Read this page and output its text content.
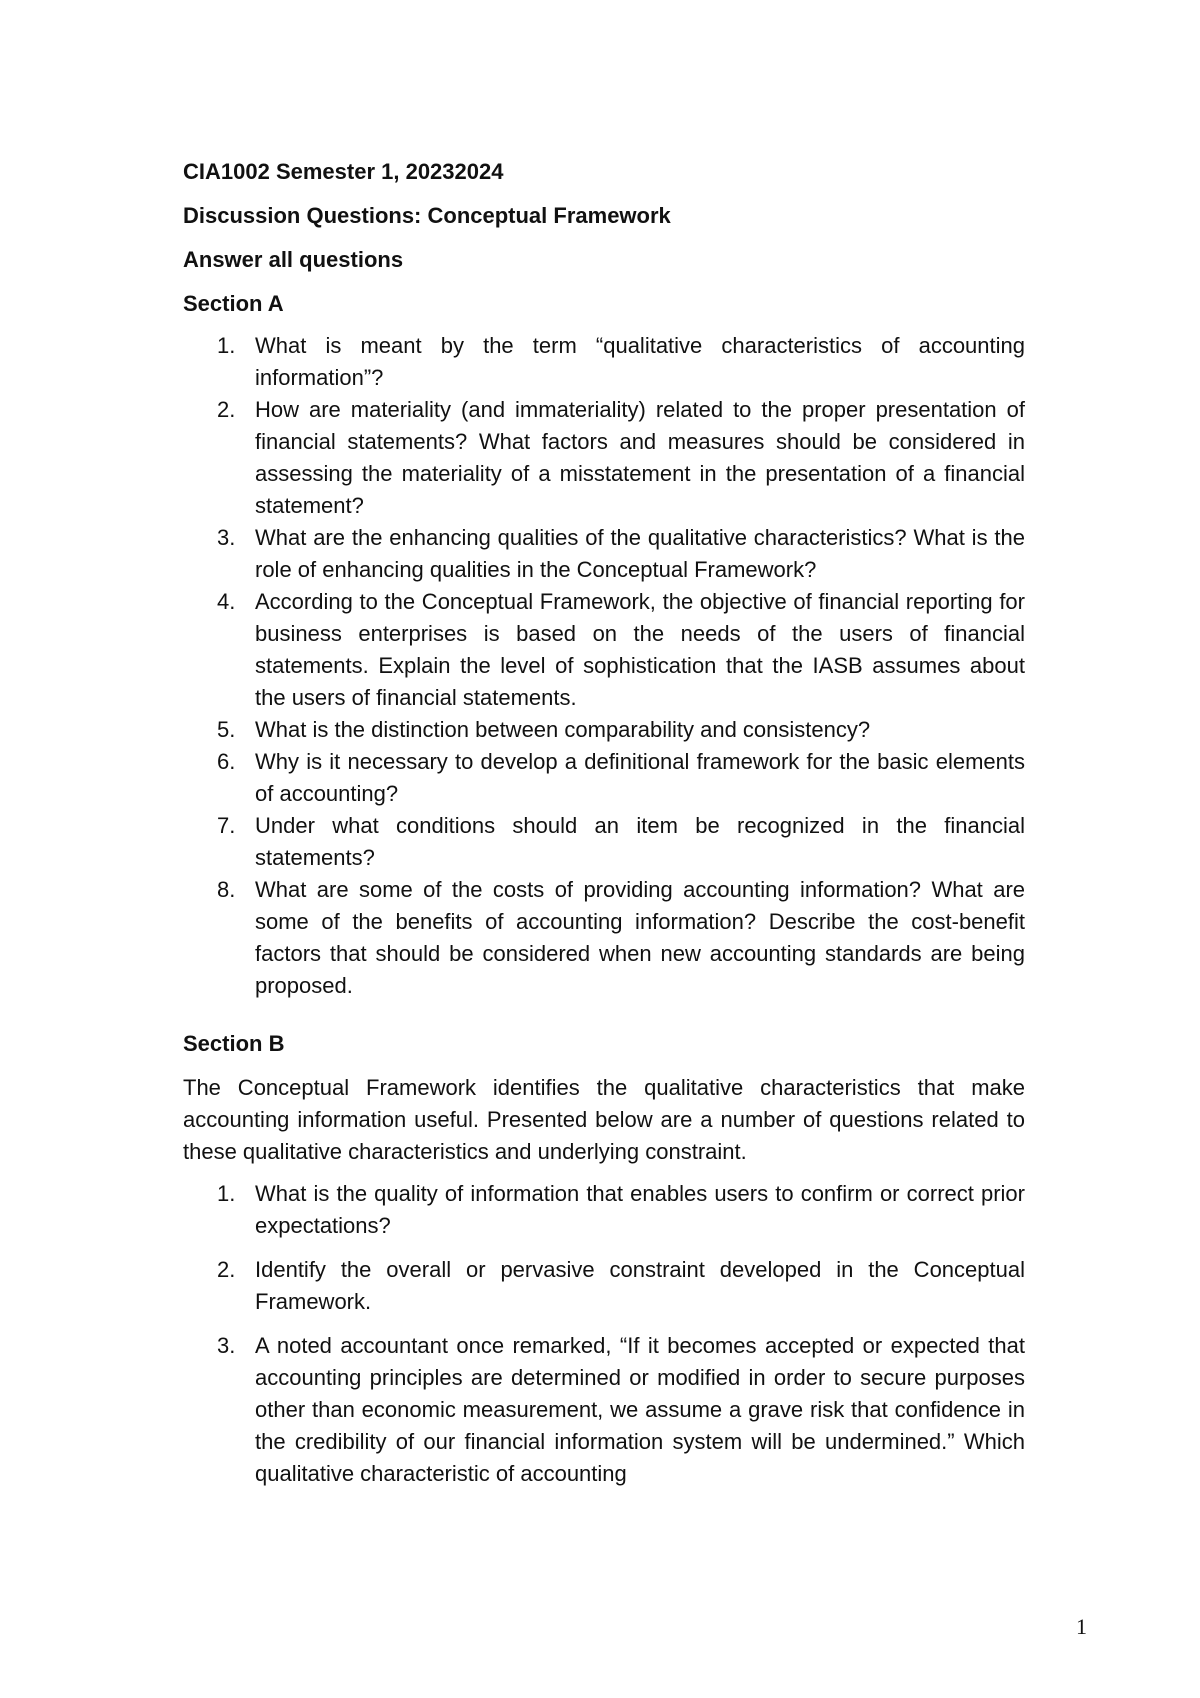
CIA1002 Semester 1, 20232024

Discussion Questions: Conceptual Framework

Answer all questions

Section A

1. What is meant by the term “qualitative characteristics of accounting information”?
2. How are materiality (and immateriality) related to the proper presentation of financial statements? What factors and measures should be considered in assessing the materiality of a misstatement in the presentation of a financial statement?
3. What are the enhancing qualities of the qualitative characteristics? What is the role of enhancing qualities in the Conceptual Framework?
4. According to the Conceptual Framework, the objective of financial reporting for business enterprises is based on the needs of the users of financial statements. Explain the level of sophistication that the IASB assumes about the users of financial statements.
5. What is the distinction between comparability and consistency?
6. Why is it necessary to develop a definitional framework for the basic elements of accounting?
7. Under what conditions should an item be recognized in the financial statements?
8. What are some of the costs of providing accounting information? What are some of the benefits of accounting information? Describe the cost-benefit factors that should be considered when new accounting standards are being proposed.

Section B

The Conceptual Framework identifies the qualitative characteristics that make accounting information useful. Presented below are a number of questions related to these qualitative characteristics and underlying constraint.

1. What is the quality of information that enables users to confirm or correct prior expectations?
2. Identify the overall or pervasive constraint developed in the Conceptual Framework.
3. A noted accountant once remarked, “If it becomes accepted or expected that accounting principles are determined or modified in order to secure purposes other than economic measurement, we assume a grave risk that confidence in the credibility of our financial information system will be undermined.” Which qualitative characteristic of accounting
1
